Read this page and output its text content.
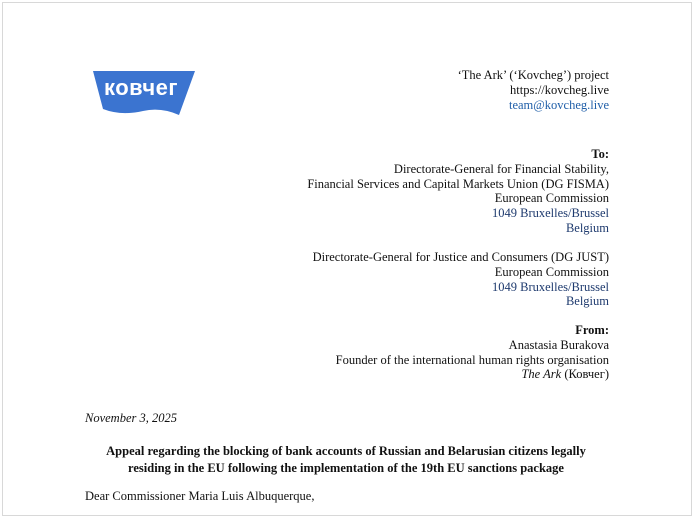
ковчег	‘The Ark’ (‘Kovcheg’) project
https://kovcheg.live
team@kovcheg.live
To:
Directorate-General for Financial Stability,
Financial Services and Capital Markets Union (DG FISMA)
European Commission
1049 Bruxelles/Brussel
Belgium
Directorate-General for Justice and Consumers (DG JUST)
European Commission
1049 Bruxelles/Brussel
Belgium
From:
Anastasia Burakova
Founder of the international human rights organisation
The Ark (Ковчег)
November 3, 2025
Appeal regarding the blocking of bank accounts of Russian and Belarusian citizens legally
residing in the EU following the implementation of the 19th EU sanctions package
Dear Commissioner Maria Luis Albuquerque,
